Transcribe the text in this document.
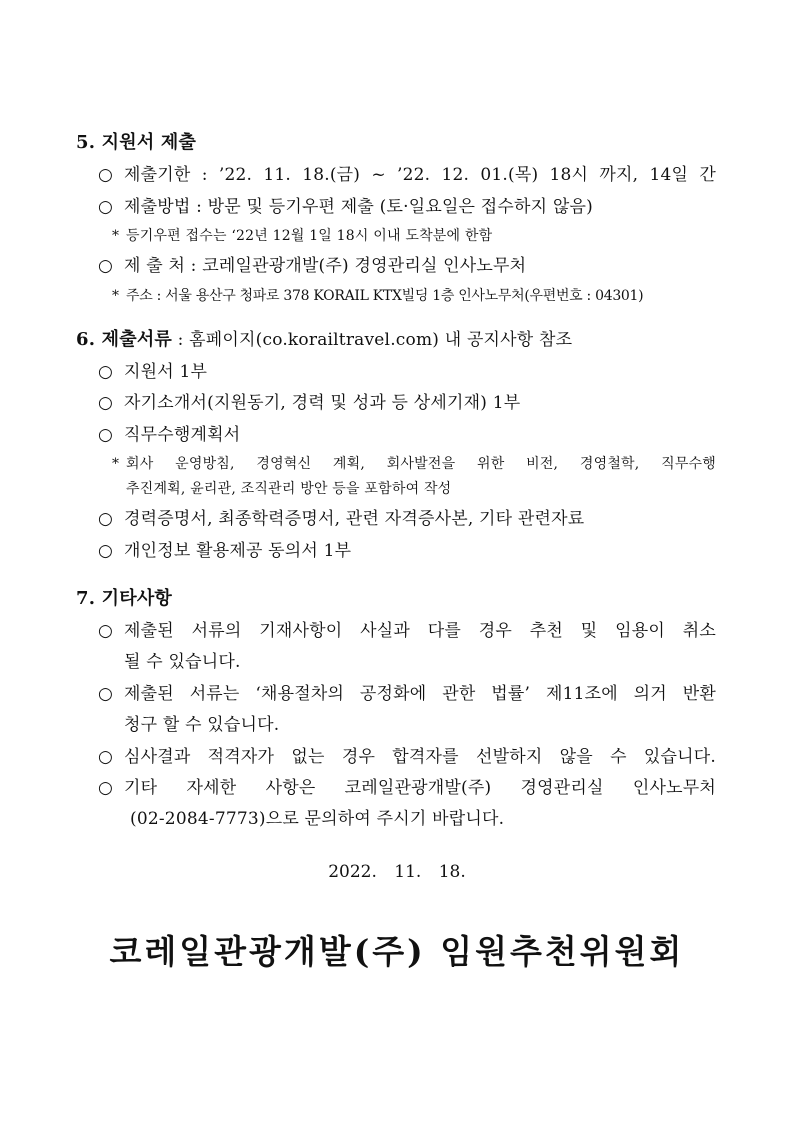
5. 지원서 제출
○ 제출기한 : ’22. 11. 18.(금) ~ ’22. 12. 01.(목) 18시 까지, 14일 간
○ 제출방법 : 방문 및 등기우편 제출 (토·일요일은 접수하지 않음)
* 등기우편 접수는 ‘22년 12월 1일 18시 이내 도착분에 한함
○ 제 출 처 : 코레일관광개발(주) 경영관리실 인사노무처
* 주소 : 서울 용산구 청파로 378 KORAIL KTX빌딩 1층 인사노무처(우편번호 : 04301)
6. 제출서류 : 홈페이지(co.korailtravel.com) 내 공지사항 참조
○ 지원서 1부
○ 자기소개서(지원동기, 경력 및 성과 등 상세기재) 1부
○ 직무수행계획서
* 회사 운영방침, 경영혁신 계획, 회사발전을 위한 비전, 경영철학, 직무수행
추진계획, 윤리관, 조직관리 방안 등을 포함하여 작성
○ 경력증명서, 최종학력증명서, 관련 자격증사본, 기타 관련자료
○ 개인정보 활용제공 동의서 1부
7. 기타사항
○ 제출된 서류의 기재사항이 사실과 다를 경우 추천 및 임용이 취소
될 수 있습니다.
○ 제출된 서류는 ‘채용절차의 공정화에 관한 법률’ 제11조에 의거 반환
청구 할 수 있습니다.
○ 심사결과 적격자가 없는 경우 합격자를 선발하지 않을 수 있습니다.
○ 기타 자세한 사항은 코레일관광개발(주) 경영관리실 인사노무처
(02-2084-7773)으로 문의하여 주시기 바랍니다.
2022. 11. 18.
코레일관광개발(주) 임원추천위원회
